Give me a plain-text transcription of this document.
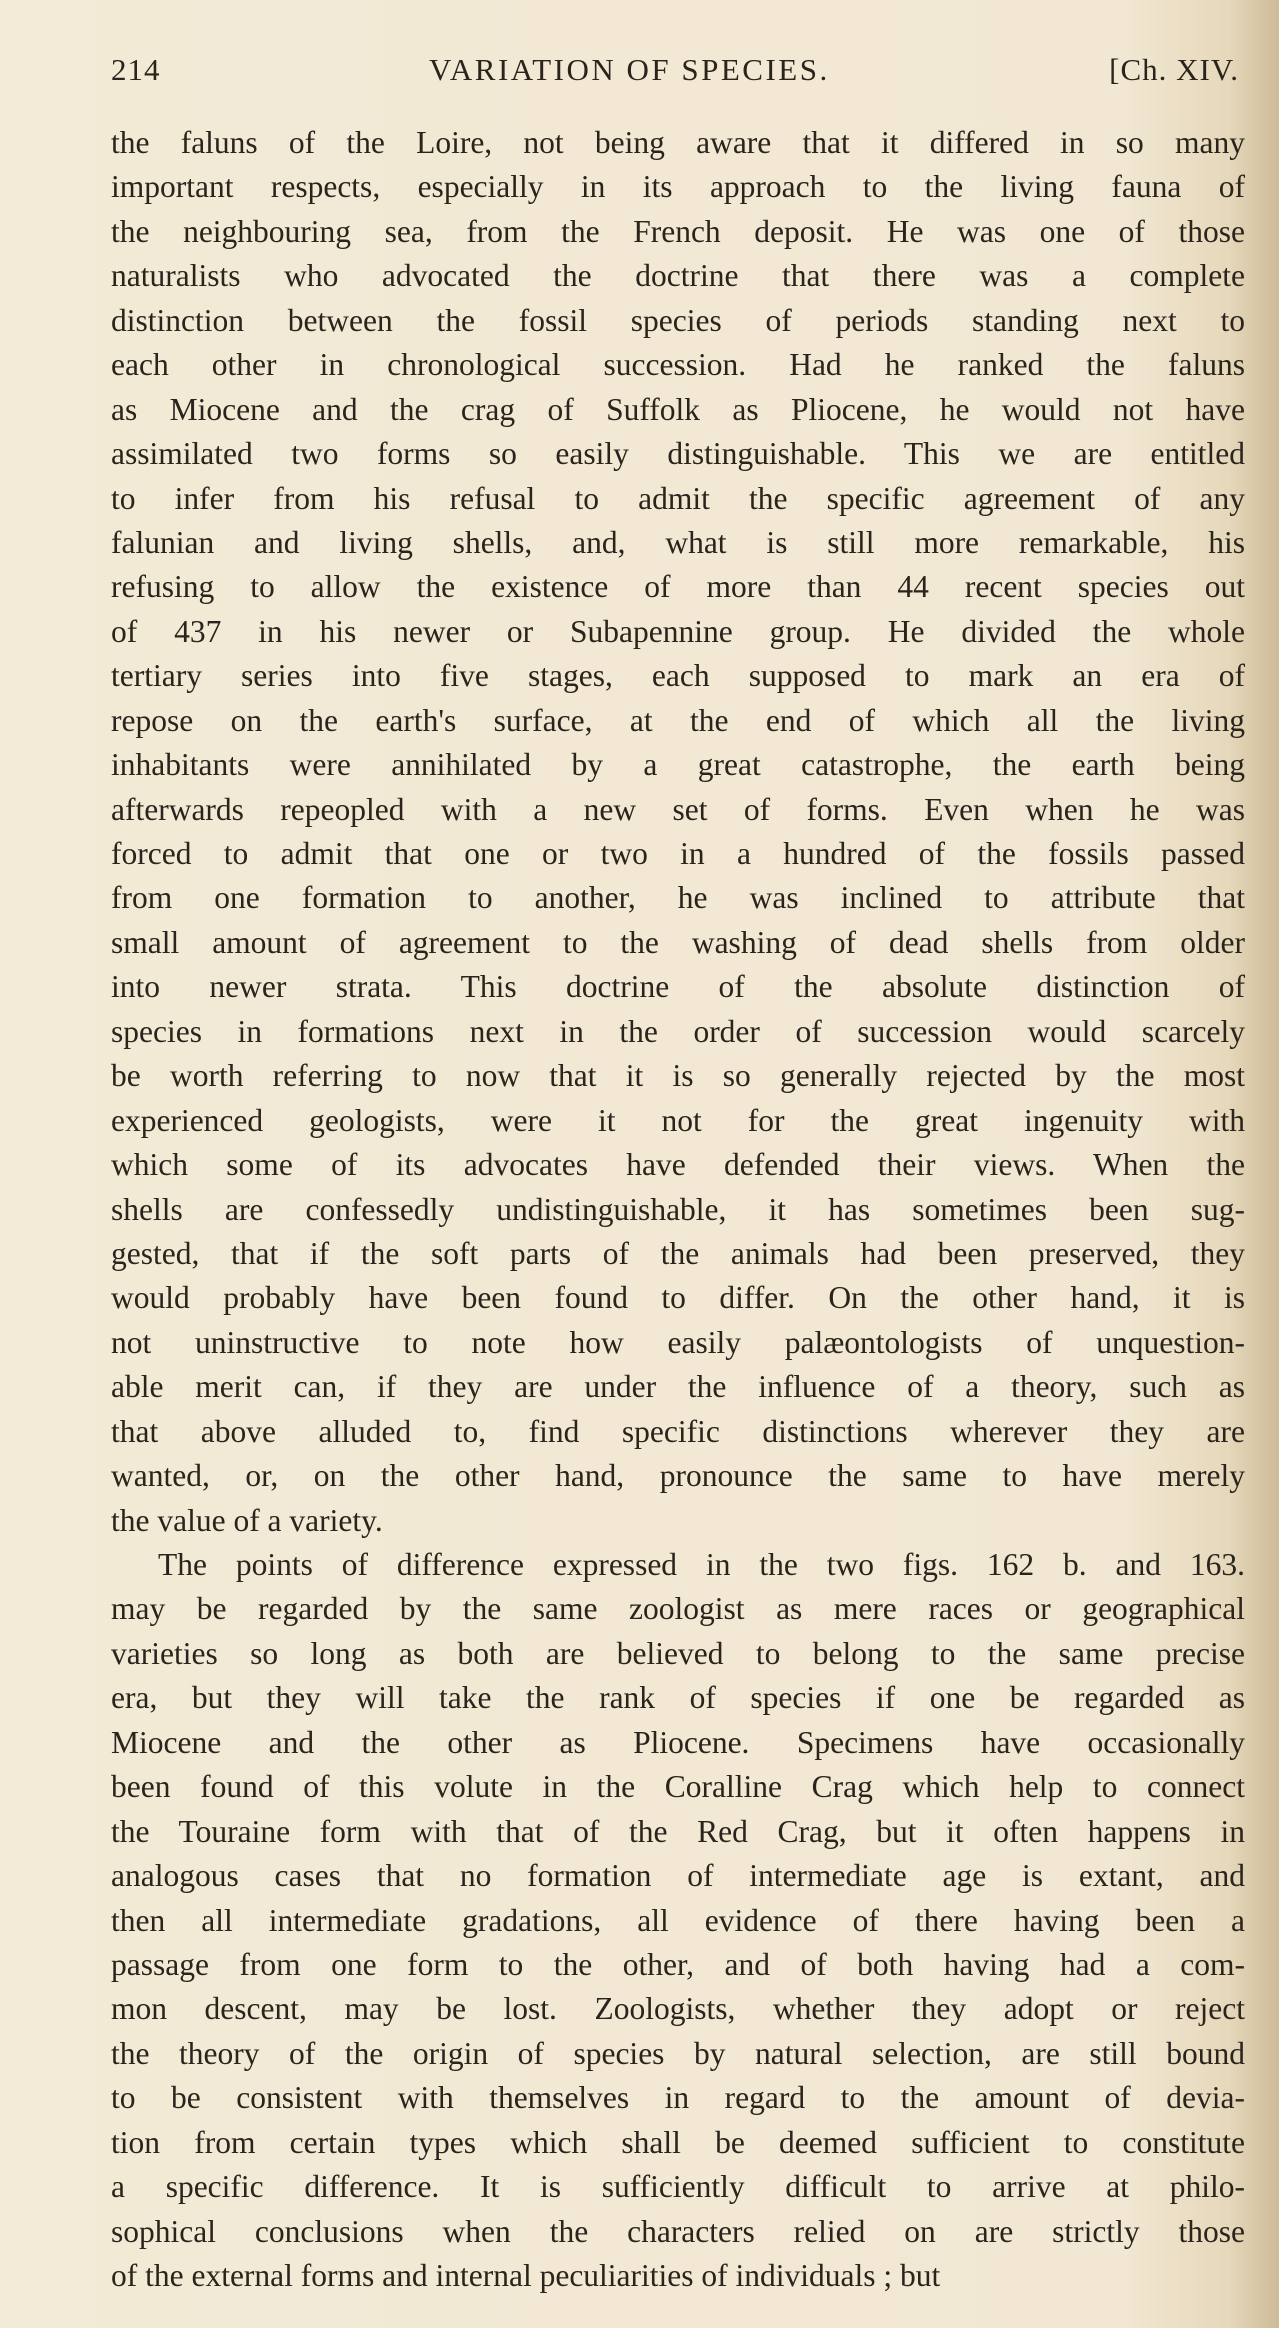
214	VARIATION OF SPECIES.	[Ch. XIV.
the faluns of the Loire, not being aware that it differed in so many
important respects, especially in its approach to the living fauna of
the neighbouring sea, from the French deposit. He was one of those
naturalists who advocated the doctrine that there was a complete
distinction between the fossil species of periods standing next to
each other in chronological succession. Had he ranked the faluns
as Miocene and the crag of Suffolk as Pliocene, he would not have
assimilated two forms so easily distinguishable. This we are entitled
to infer from his refusal to admit the specific agreement of any
falunian and living shells, and, what is still more remarkable, his
refusing to allow the existence of more than 44 recent species out
of 437 in his newer or Subapennine group. He divided the whole
tertiary series into five stages, each supposed to mark an era of
repose on the earth's surface, at the end of which all the living
inhabitants were annihilated by a great catastrophe, the earth being
afterwards repeopled with a new set of forms. Even when he was
forced to admit that one or two in a hundred of the fossils passed
from one formation to another, he was inclined to attribute that
small amount of agreement to the washing of dead shells from older
into newer strata. This doctrine of the absolute distinction of
species in formations next in the order of succession would scarcely
be worth referring to now that it is so generally rejected by the most
experienced geologists, were it not for the great ingenuity with
which some of its advocates have defended their views. When the
shells are confessedly undistinguishable, it has sometimes been sug-
gested, that if the soft parts of the animals had been preserved, they
would probably have been found to differ. On the other hand, it is
not uninstructive to note how easily palæontologists of unquestion-
able merit can, if they are under the influence of a theory, such as
that above alluded to, find specific distinctions wherever they are
wanted, or, on the other hand, pronounce the same to have merely
the value of a variety.
The points of difference expressed in the two figs. 162 b. and 163.
may be regarded by the same zoologist as mere races or geographical
varieties so long as both are believed to belong to the same precise
era, but they will take the rank of species if one be regarded as
Miocene and the other as Pliocene. Specimens have occasionally
been found of this volute in the Coralline Crag which help to connect
the Touraine form with that of the Red Crag, but it often happens in
analogous cases that no formation of intermediate age is extant, and
then all intermediate gradations, all evidence of there having been a
passage from one form to the other, and of both having had a com-
mon descent, may be lost. Zoologists, whether they adopt or reject
the theory of the origin of species by natural selection, are still bound
to be consistent with themselves in regard to the amount of devia-
tion from certain types which shall be deemed sufficient to constitute
a specific difference. It is sufficiently difficult to arrive at philo-
sophical conclusions when the characters relied on are strictly those
of the external forms and internal peculiarities of individuals ; but
